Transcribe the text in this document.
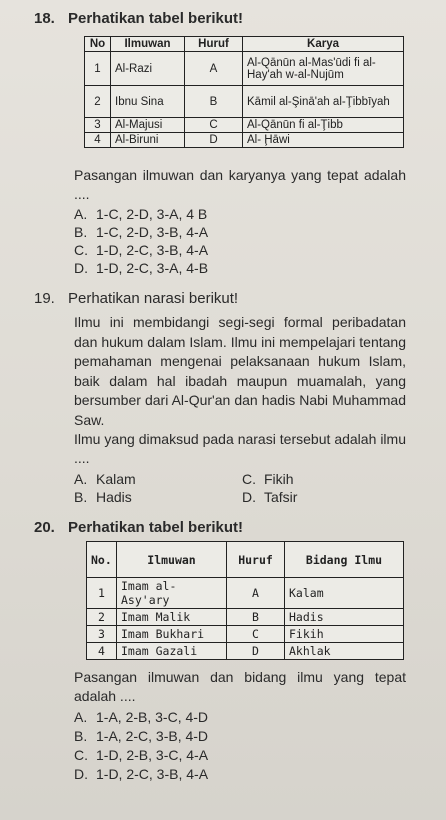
18. Perhatikan tabel berikut!
No	Ilmuwan	Huruf	Karya
1	Al-Razi	A	Al-Qānūn al-Mas'ūdi fi al-Hay'ah w-al-Nujūm
2	Ibnu Sina	B	Kāmil al-Şinā'ah al-Ţibbīyah
3	Al-Majusi	C	Al-Qānūn fi al-Ţibb
4	Al-Biruni	D	Al- Ḩāwi
Pasangan ilmuwan dan karyanya yang tepat adalah ....
A. 1-C, 2-D, 3-A, 4 B
B. 1-C, 2-D, 3-B, 4-A
C. 1-D, 2-C, 3-B, 4-A
D. 1-D, 2-C, 3-A, 4-B
19. Perhatikan narasi berikut!
Ilmu ini membidangi segi-segi formal peribadatan dan hukum dalam Islam. Ilmu ini mempelajari tentang pemahaman mengenai pelaksanaan hukum Islam, baik dalam hal ibadah maupun muamalah, yang bersumber dari Al-Qur'an dan hadis Nabi Muhammad Saw.
Ilmu yang dimaksud pada narasi tersebut adalah ilmu ....
A. Kalam
B. Hadis
C. Fikih
D. Tafsir
20. Perhatikan tabel berikut!
No.	Ilmuwan	Huruf	Bidang Ilmu
1	Imam al-Asy'ary	A	Kalam
2	Imam Malik	B	Hadis
3	Imam Bukhari	C	Fikih
4	Imam Gazali	D	Akhlak
Pasangan ilmuwan dan bidang ilmu yang tepat adalah ....
A. 1-A, 2-B, 3-C, 4-D
B. 1-A, 2-C, 3-B, 4-D
C. 1-D, 2-B, 3-C, 4-A
D. 1-D, 2-C, 3-B, 4-A
